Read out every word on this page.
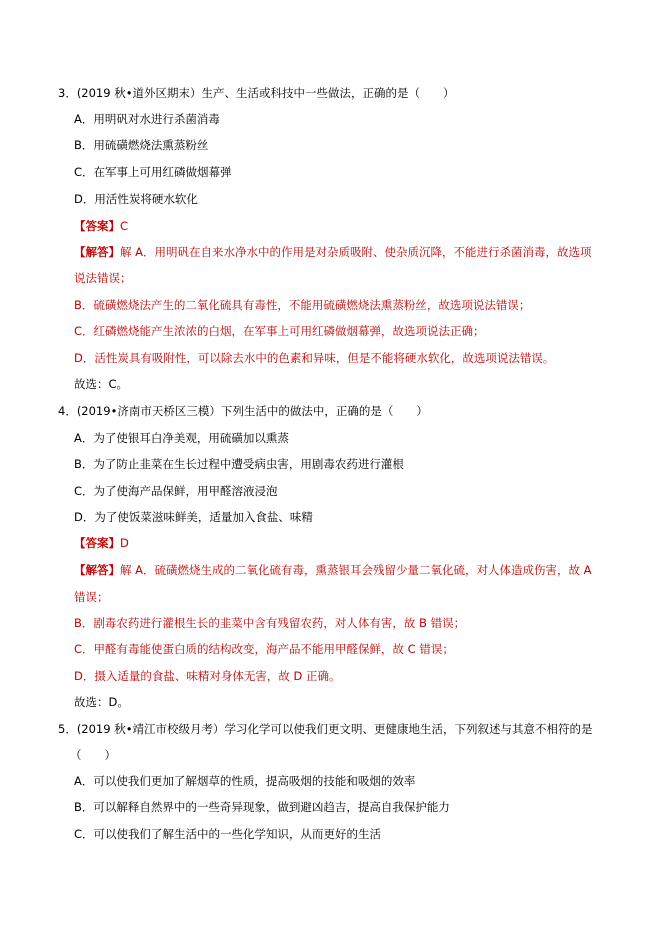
3．(2019 秋•道外区期末）生产、生活或科技中一些做法，正确的是（　　）
A．用明矾对水进行杀菌消毒
B．用硫磺燃烧法熏蒸粉丝
C．在军事上可用红磷做烟幕弹
D．用活性炭将硬水软化
【答案】C
【解答】解 A．用明矾在自来水净水中的作用是对杂质吸附、使杂质沉降，不能进行杀菌消毒，故选项
说法错误；
B．硫磺燃烧法产生的二氧化硫具有毒性，不能用硫磺燃烧法熏蒸粉丝，故选项说法错误；
C．红磷燃烧能产生浓浓的白烟，在军事上可用红磷做烟幕弹，故选项说法正确；
D．活性炭具有吸附性，可以除去水中的色素和异味，但是不能将硬水软化，故选项说法错误。
故选：C。
4．(2019•济南市天桥区三模）下列生活中的做法中，正确的是（　　）
A．为了使银耳白净美观，用硫磺加以熏蒸
B．为了防止韭菜在生长过程中遭受病虫害，用剧毒农药进行灌根
C．为了使海产品保鲜，用甲醛溶液浸泡
D．为了使饭菜滋味鲜美，适量加入食盐、味精
【答案】D
【解答】解 A．硫磺燃烧生成的二氧化硫有毒，熏蒸银耳会残留少量二氧化硫，对人体造成伤害，故 A
错误；
B．剧毒农药进行灌根生长的韭菜中含有残留农药，对人体有害，故 B 错误；
C．甲醛有毒能使蛋白质的结构改变，海产品不能用甲醛保鲜，故 C 错误；
D．摄入适量的食盐、味精对身体无害，故 D 正确。
故选：D。
5．(2019 秋•靖江市校级月考）学习化学可以使我们更文明、更健康地生活，下列叙述与其意不相符的是
（　　）
A．可以使我们更加了解烟草的性质，提高吸烟的技能和吸烟的效率
B．可以解释自然界中的一些奇异现象，做到避凶趋吉，提高自我保护能力
C．可以使我们了解生活中的一些化学知识，从而更好的生活
